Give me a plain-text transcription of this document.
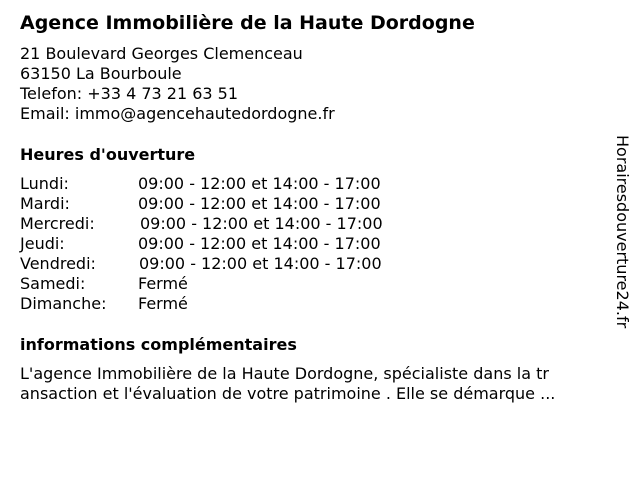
Agence Immobilière de la Haute Dordogne
21 Boulevard Georges Clemenceau
63150 La Bourboule
Telefon: +33 4 73 21 63 51
Email: immo@agencehautedordogne.fr
Heures d'ouverture
Lundi:	09:00 - 12:00 et 14:00 - 17:00
Mardi:	09:00 - 12:00 et 14:00 - 17:00
Mercredi:	09:00 - 12:00 et 14:00 - 17:00
Jeudi:	09:00 - 12:00 et 14:00 - 17:00
Vendredi:	09:00 - 12:00 et 14:00 - 17:00
Samedi:	Fermé
Dimanche: Fermé
informations complémentaires
L'agence Immobilière de la Haute Dordogne, spécialiste dans la tr
ansaction et l'évaluation de votre patrimoine . Elle se démarque ...
Horairesdouverture24.fr
